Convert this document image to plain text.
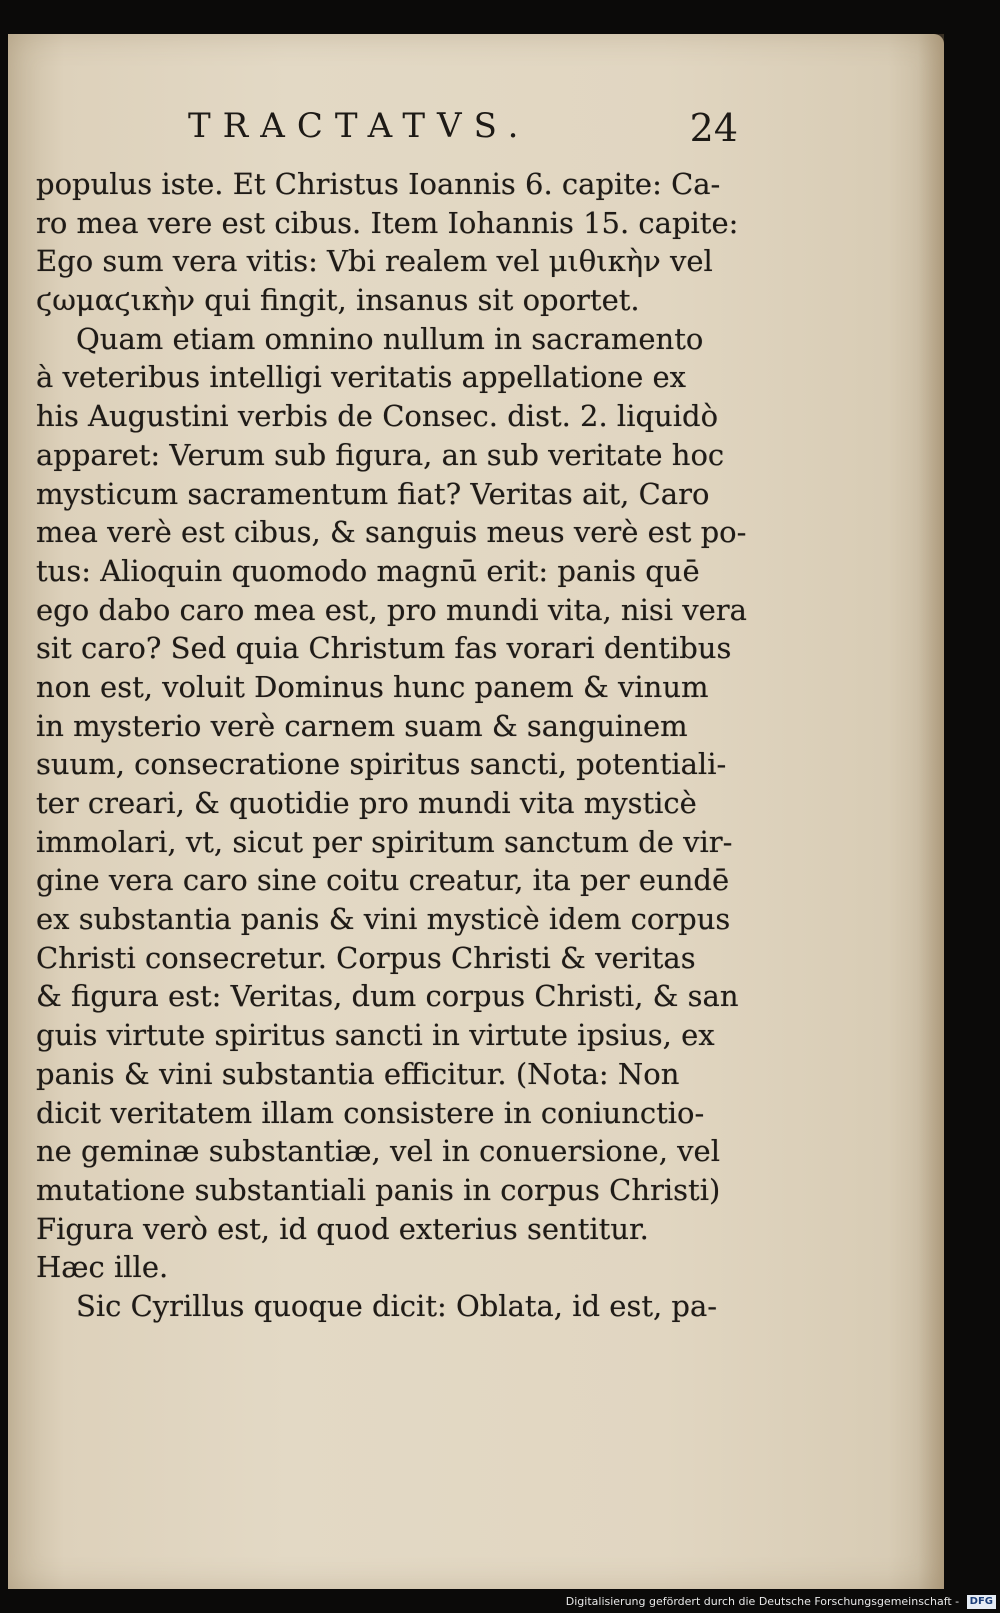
TRACTATVS.	24
populus iste. Et Christus Ioannis 6. capite: Ca-
ro mea vere est cibus. Item Iohannis 15. capite:
Ego sum vera vitis: Vbi realem vel μιθικὴν vel
ϛωμαϛικὴν qui fingit, insanus sit oportet.
Quam etiam omnino nullum in sacramento
à veteribus intelligi veritatis appellatione ex
his Augustini verbis de Consec. dist. 2. liquidò
apparet: Verum sub figura, an sub veritate hoc
mysticum sacramentum fiat? Veritas ait, Caro
mea verè est cibus, & sanguis meus verè est po-
tus: Alioquin quomodo magnū erit: panis quē
ego dabo caro mea est, pro mundi vita, nisi vera
sit caro? Sed quia Christum fas vorari dentibus
non est, voluit Dominus hunc panem & vinum
in mysterio verè carnem suam & sanguinem
suum, consecratione spiritus sancti, potentiali-
ter creari, & quotidie pro mundi vita mysticè
immolari, vt, sicut per spiritum sanctum de vir-
gine vera caro sine coitu creatur, ita per eundē
ex substantia panis & vini mysticè idem corpus
Christi consecretur. Corpus Christi & veritas
& figura est: Veritas, dum corpus Christi, & san
guis virtute spiritus sancti in virtute ipsius, ex
panis & vini substantia efficitur. (Nota: Non
dicit veritatem illam consistere in coniunctio-
ne geminæ substantiæ, vel in conuersione, vel
mutatione substantiali panis in corpus Christi)
Figura verò est, id quod exterius sentitur.
Hæc ille.
Sic Cyrillus quoque dicit: Oblata, id est, pa-
Digitalisierung gefördert durch die Deutsche Forschungsgemeinschaft - DFG
